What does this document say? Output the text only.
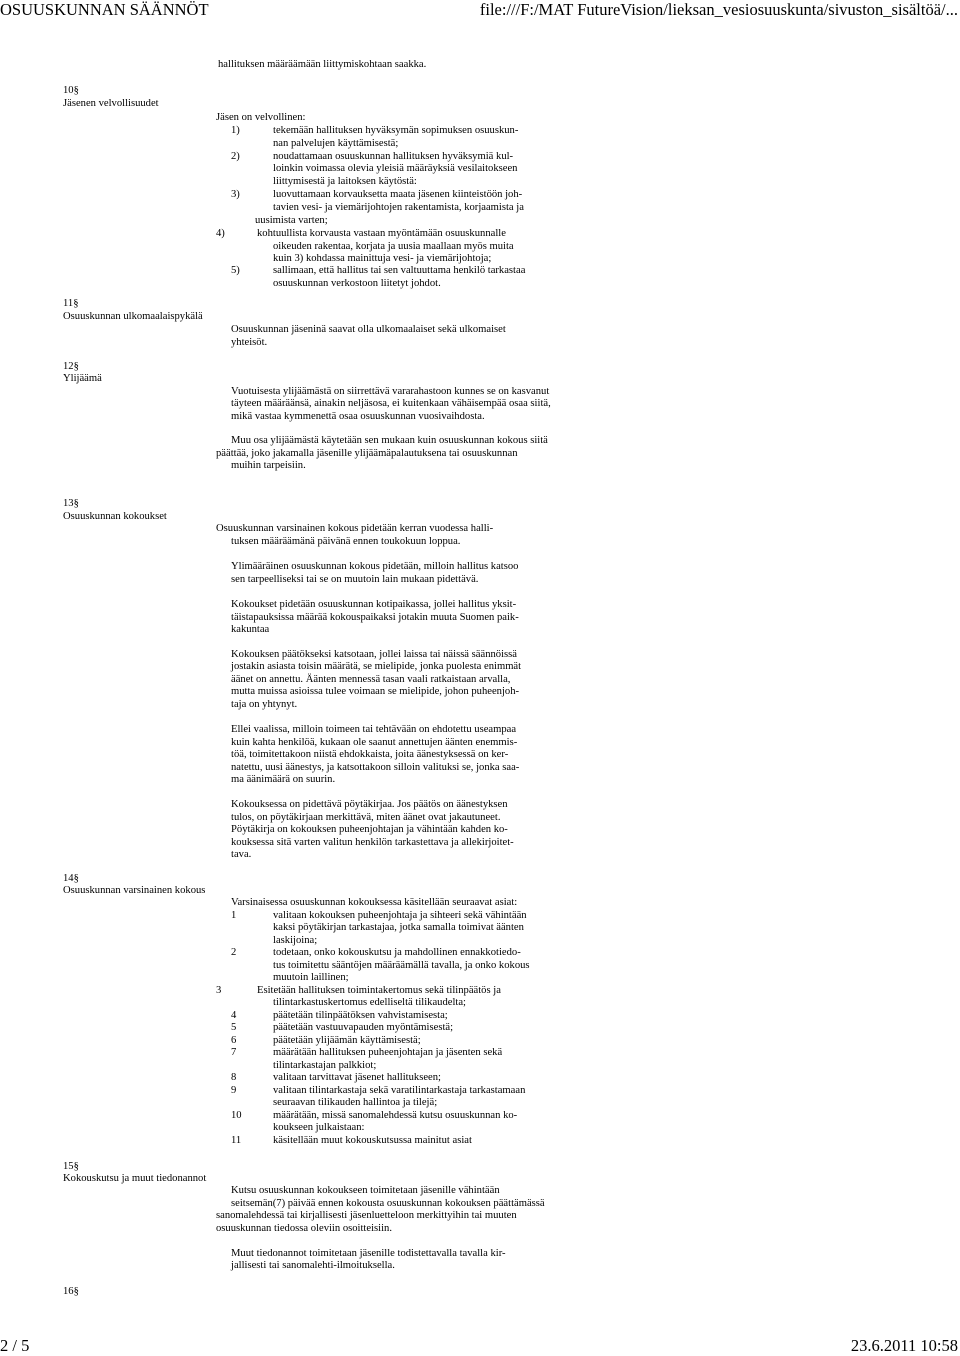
OSUUSKUNNAN SÄÄNNÖT	file:///F:/MAT FutureVision/lieksan_vesiosuuskunta/sivuston_sisältöä/...
hallituksen määräämään liittymiskohtaan saakka.
10§
Jäsenen velvollisuudet
Jäsen on velvollinen:
1)	tekemään hallituksen hyväksymän sopimuksen osuuskun-
nan palvelujen käyttämisestä;
2)	noudattamaan osuuskunnan hallituksen hyväksymiä kul-
loinkin voimassa olevia yleisiä määräyksiä vesilaitokseen
liittymisestä ja laitoksen käytöstä:
3)	luovuttamaan korvauksetta maata jäsenen kiinteistöön joh-
tavien vesi- ja viemärijohtojen rakentamista, korjaamista ja
uusimista varten;
4)	kohtuullista korvausta vastaan myöntämään osuuskunnalle
oikeuden rakentaa, korjata ja uusia maallaan myös muita
kuin 3) kohdassa mainittuja vesi- ja viemärijohtoja;
5)	sallimaan, että hallitus tai sen valtuuttama henkilö tarkastaa
osuuskunnan verkostoon liitetyt johdot.
11§
Osuuskunnan ulkomaalaispykälä
Osuuskunnan jäseninä saavat olla ulkomaalaiset sekä ulkomaiset
yhteisöt.
12§
Ylijäämä
Vuotuisesta ylijäämästä on siirrettävä vararahastoon kunnes se on kasvanut
täyteen määräänsä, ainakin neljäsosa, ei kuitenkaan vähäisempää osaa siitä,
mikä vastaa kymmenettä osaa osuuskunnan vuosivaihdosta.
Muu osa ylijäämästä käytetään sen mukaan kuin osuuskunnan kokous siitä
päättää, joko jakamalla jäsenille ylijäämäpalautuksena tai osuuskunnan
muihin tarpeisiin.
13§
Osuuskunnan kokoukset
Osuuskunnan varsinainen kokous pidetään kerran vuodessa halli-
tuksen määräämänä päivänä ennen toukokuun loppua.
Ylimääräinen osuuskunnan kokous pidetään, milloin hallitus katsoo
sen tarpeelliseksi tai se on muutoin lain mukaan pidettävä.
Kokoukset pidetään osuuskunnan kotipaikassa, jollei hallitus yksit-
täistapauksissa määrää kokouspaikaksi jotakin muuta Suomen paik-
kakuntaa
Kokouksen päätökseksi katsotaan, jollei laissa tai näissä säännöissä
jostakin asiasta toisin määrätä, se mielipide, jonka puolesta enimmät
äänet on annettu. Äänten mennessä tasan vaali ratkaistaan arvalla,
mutta muissa asioissa tulee voimaan se mielipide, johon puheenjoh-
taja on yhtynyt.
Ellei vaalissa, milloin toimeen tai tehtävään on ehdotettu useampaa
kuin kahta henkilöä, kukaan ole saanut annettujen äänten enemmis-
töä, toimitettakoon niistä ehdokkaista, joita äänestyksessä on ker-
natettu, uusi äänestys, ja katsottakoon silloin valituksi se, jonka saa-
ma äänimäärä on suurin.
Kokouksessa on pidettävä pöytäkirjaa. Jos päätös on äänestyksen
tulos, on pöytäkirjaan merkittävä, miten äänet ovat jakautuneet.
Pöytäkirja on kokouksen puheenjohtajan ja vähintään kahden ko-
kouksessa sitä varten valitun henkilön tarkastettava ja allekirjoitet-
tava.
14§
Osuuskunnan varsinainen kokous
Varsinaisessa osuuskunnan kokouksessa käsitellään seuraavat asiat:
1	valitaan kokouksen puheenjohtaja ja sihteeri sekä vähintään
kaksi pöytäkirjan tarkastajaa, jotka samalla toimivat äänten
laskijoina;
2	todetaan, onko kokouskutsu ja mahdollinen ennakkotiedo-
tus toimitettu sääntöjen määräämällä tavalla, ja onko kokous
muutoin laillinen;
3	Esitetään hallituksen toimintakertomus sekä tilinpäätös ja
tilintarkastuskertomus edelliseltä tilikaudelta;
4	päätetään tilinpäätöksen vahvistamisesta;
5	päätetään vastuuvapauden myöntämisestä;
6	päätetään ylijäämän käyttämisestä;
7	määrätään hallituksen puheenjohtajan ja jäsenten sekä
tilintarkastajan palkkiot;
8	valitaan tarvittavat jäsenet hallitukseen;
9	valitaan tilintarkastaja sekä varatilintarkastaja tarkastamaan
seuraavan tilikauden hallintoa ja tilejä;
10	määrätään, missä sanomalehdessä kutsu osuuskunnan ko-
koukseen julkaistaan:
11	käsitellään muut kokouskutsussa mainitut asiat
15§
Kokouskutsu ja muut tiedonannot
Kutsu osuuskunnan kokoukseen toimitetaan jäsenille vähintään
seitsemän(7) päivää ennen kokousta osuuskunnan kokouksen päättämässä
sanomalehdessä tai kirjallisesti jäsenluetteloon merkittyihin tai muuten
osuuskunnan tiedossa oleviin osoitteisiin.
Muut tiedonannot toimitetaan jäsenille todistettavalla tavalla kir-
jallisesti tai sanomalehti-ilmoituksella.
16§
2 / 5	23.6.2011 10:58
